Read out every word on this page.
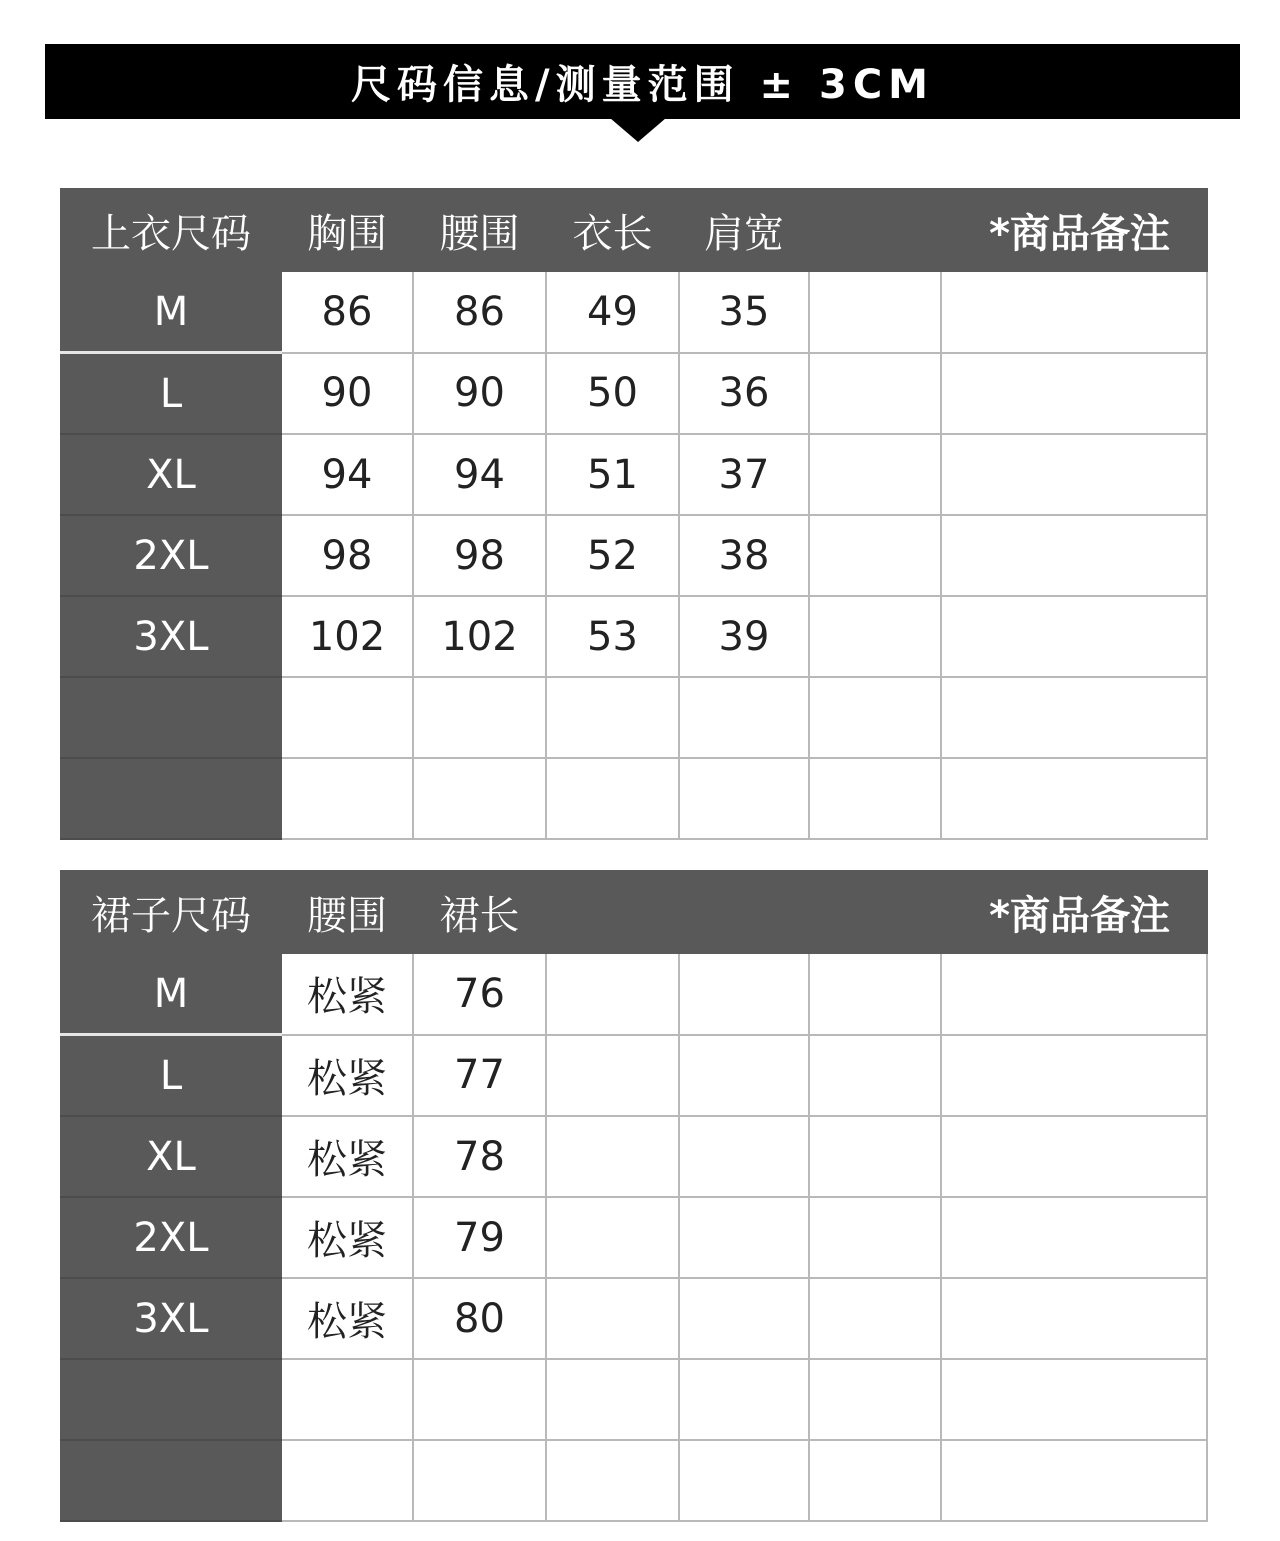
尺码信息/测量范围 ± 3CM
上衣尺码	胸围	腰围	衣长	肩宽		*商品备注
M	86	86	49	35		
L	90	90	50	36		
XL	94	94	51	37		
2XL	98	98	52	38		
3XL	102	102	53	39		

裙子尺码	腰围	裙长				*商品备注
M	松紧	76				
L	松紧	77				
XL	松紧	78				
2XL	松紧	79				
3XL	松紧	80				
